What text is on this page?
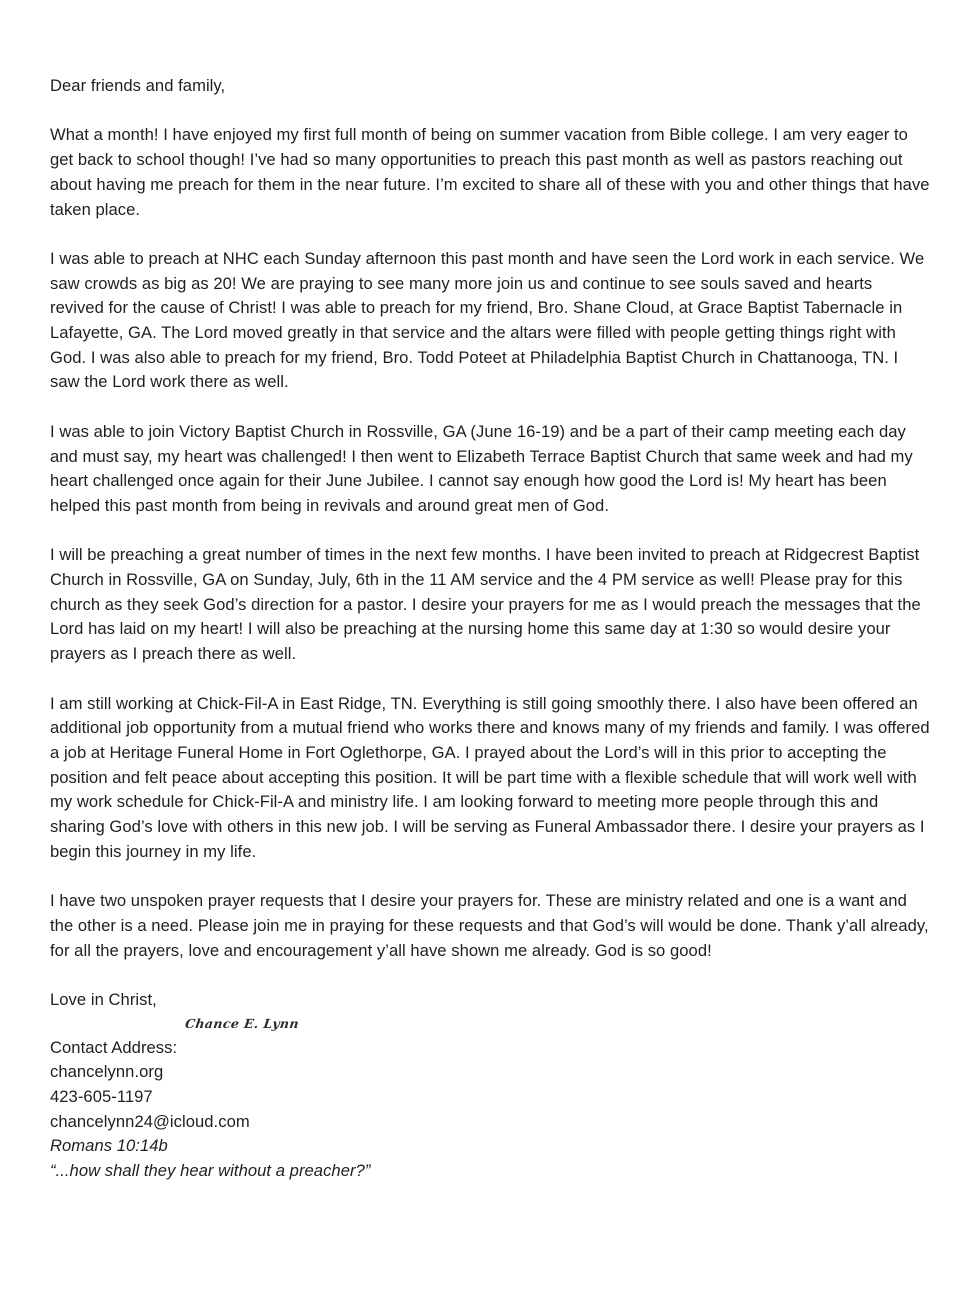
Dear friends and family,

What a month! I have enjoyed my first full month of being on summer vacation from Bible college. I am very eager to get back to school though! I’ve had so many opportunities to preach this past month as well as pastors reaching out about having me preach for them in the near future. I’m excited to share all of these with you and other things that have taken place.

I was able to preach at NHC each Sunday afternoon this past month and have seen the Lord work in each service. We saw crowds as big as 20! We are praying to see many more join us and continue to see souls saved and hearts revived for the cause of Christ! I was able to preach for my friend, Bro. Shane Cloud, at Grace Baptist Tabernacle in Lafayette, GA. The Lord moved greatly in that service and the altars were filled with people getting things right with God. I was also able to preach for my friend, Bro. Todd Poteet at Philadelphia Baptist Church in Chattanooga, TN. I saw the Lord work there as well.

I was able to join Victory Baptist Church in Rossville, GA (June 16-19) and be a part of their camp meeting each day and must say, my heart was challenged! I then went to Elizabeth Terrace Baptist Church that same week and had my heart challenged once again for their June Jubilee. I cannot say enough how good the Lord is! My heart has been helped this past month from being in revivals and around great men of God.

I will be preaching a great number of times in the next few months. I have been invited to preach at Ridgecrest Baptist Church in Rossville, GA on Sunday, July, 6th in the 11 AM service and the 4 PM service as well! Please pray for this church as they seek God’s direction for a pastor. I desire your prayers for me as I would preach the messages that the Lord has laid on my heart! I will also be preaching at the nursing home this same day at 1:30 so would desire your prayers as I preach there as well.

I am still working at Chick-Fil-A in East Ridge, TN. Everything is still going smoothly there. I also have been offered an additional job opportunity from a mutual friend who works there and knows many of my friends and family. I was offered a job at Heritage Funeral Home in Fort Oglethorpe, GA. I prayed about the Lord’s will in this prior to accepting the position and felt peace about accepting this position. It will be part time with a flexible schedule that will work well with my work schedule for Chick-Fil-A and ministry life. I am looking forward to meeting more people through this and sharing God’s love with others in this new job. I will be serving as Funeral Ambassador there. I desire your prayers as I begin this journey in my life.

I have two unspoken prayer requests that I desire your prayers for. These are ministry related and one is a want and the other is a need. Please join me in praying for these requests and that God’s will would be done. Thank y’all already, for all the prayers, love and encouragement y’all have shown me already. God is so good!

Love in Christ,

Chance E. Lynn

Contact Address:

chancelynn.org

423-605-1197

chancelynn24@icloud.com

Romans 10:14b

“...how shall they hear without a preacher?”
